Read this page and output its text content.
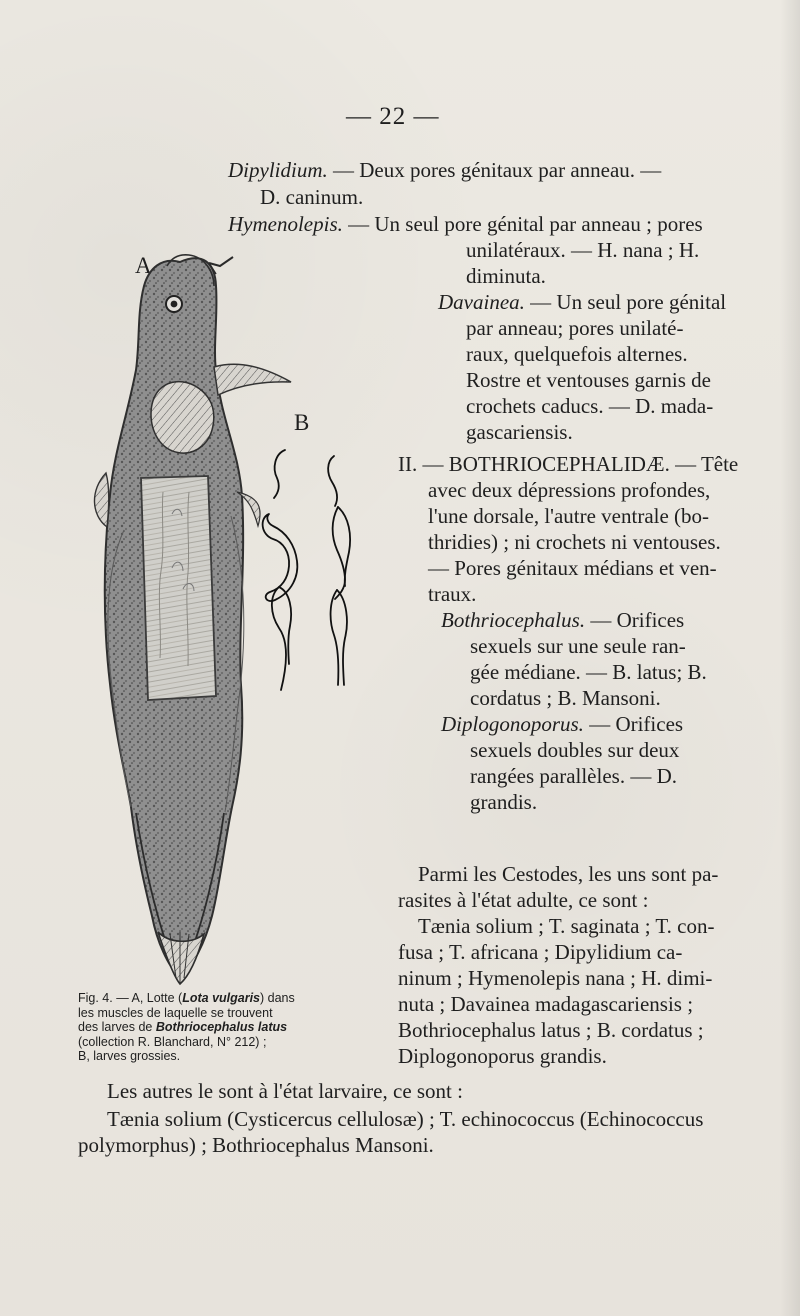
— 22 —
Dipylidium. — Deux pores génitaux par anneau. —
D. caninum.
Hymenolepis. — Un seul pore génital par anneau ; pores
unilatéraux. — H. nana ; H.
diminuta.
Davainea. — Un seul pore génital
par anneau; pores unilaté-
raux, quelquefois alternes.
Rostre et ventouses garnis de
crochets caducs. — D. mada-
gascariensis.
II. — BOTHRIOCEPHALIDÆ. — Tête
avec deux dépressions profondes,
l'une dorsale, l'autre ventrale (bo-
thridies) ; ni crochets ni ventouses.
— Pores génitaux médians et ven-
traux.
Bothriocephalus. — Orifices
sexuels sur une seule ran-
gée médiane. — B. latus; B.
cordatus ; B. Mansoni.
Diplogonoporus. — Orifices
sexuels doubles sur deux
rangées parallèles. — D.
grandis.
Parmi les Cestodes, les uns sont pa-
rasites à l'état adulte, ce sont :
Tænia solium ; T. saginata ; T. con-
fusa ; T. africana ; Dipylidium ca-
ninum ; Hymenolepis nana ; H. dimi-
nuta ; Davainea madagascariensis ;
Bothriocephalus latus ; B. cordatus ;
Diplogonoporus grandis.
Les autres le sont à l'état larvaire, ce sont :
Tænia solium (Cysticercus cellulosæ) ; T. echinococcus (Echinococcus
polymorphus) ; Bothriocephalus Mansoni.
A
B
Fig. 4. — A, Lotte (Lota vulgaris) dans
les muscles de laquelle se trouvent
des larves de Bothriocephalus latus
(collection R. Blanchard, N° 212) ;
B, larves grossies.
